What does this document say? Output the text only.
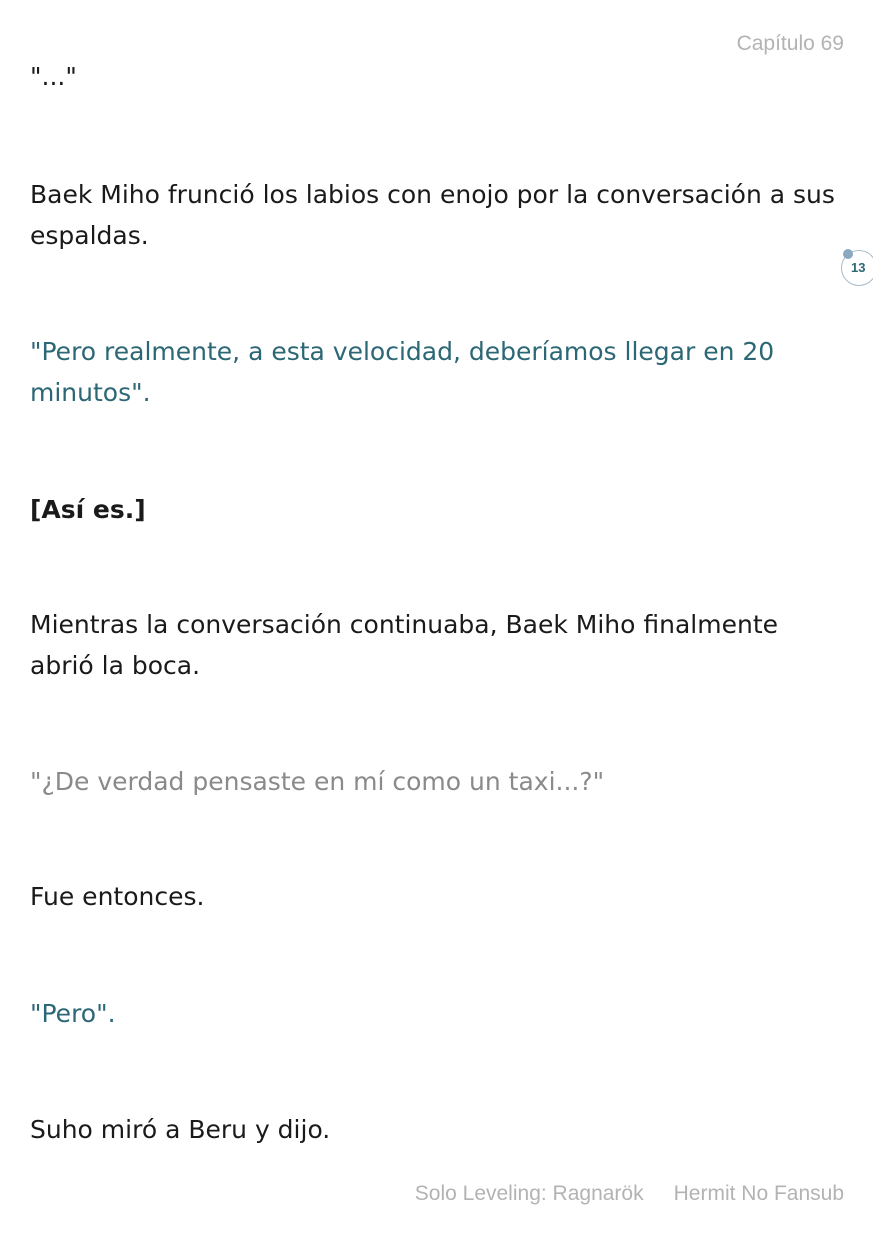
Capítulo 69

"..."

Baek Miho frunció los labios con enojo por la conversación a sus espaldas.

13

"Pero realmente, a esta velocidad, deberíamos llegar en 20 minutos".

[Así es.]

Mientras la conversación continuaba, Baek Miho finalmente abrió la boca.

"¿De verdad pensaste en mí como un taxi...?"

Fue entonces.

"Pero".

Suho miró a Beru y dijo.

Solo Leveling: Ragnarök Hermit No Fansub
